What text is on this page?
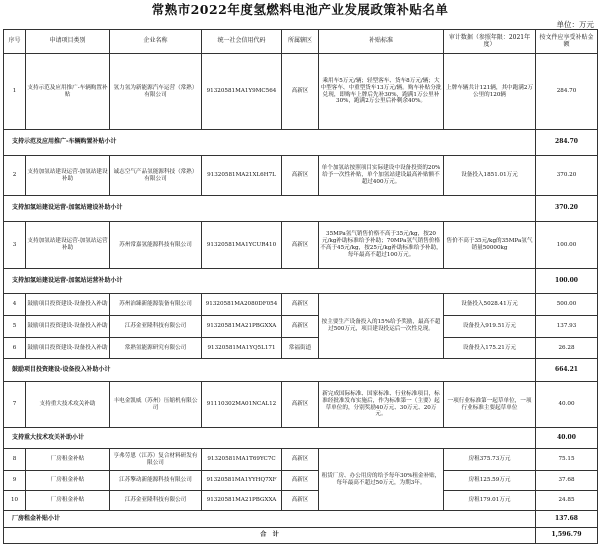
常熟市2022年度氢燃料电池产业发展政策补贴名单
单位：万元
序号	申请项目类别	企业名称	统一社会信用代码	所属辖区	补贴标准	审计数据（参照年限：2021年度）	按文件应享受补贴金额
1	支持示范及应用推广-车辆购置补贴	氢力氢为新能源汽车运营（常熟）有限公司	91320581MA1Y9MC564	高新区	乘用车5万元/辆；轻型客车、货车8万元/辆；大中型客车、中重型货车13万元/辆。购车补贴分批兑现，即购车上牌后先补30%，跑满1万公里补30%，跑满2万公里后补剩余40%。	上牌车辆共计121辆，其中跑满2万公里的120辆	284.70
支持示范及应用推广-车辆购置补贴小计							284.70
2	支持加氢站建设运营-加氢站建设补助	诚志空气产品氢能源科技（常熟）有限公司	91320581MA21XL6H7L	高新区	单个加氢站按照项目实际建设中设备投资的20%给予一次性补贴，单个加氢站建设最高补贴额不超过400万元。	设备投入1851.01万元	370.20
支持加氢站建设运营-加氢站建设补助小计							370.20
3	支持加氢站建设运营-加氢站运营补助	苏州常嘉氢能源科技有限公司	91320581MA1YCUR410	高新区	35MPa氢气销售价格不高于35元/kg，按20元/kg补助标准给予补助；70MPa氢气销售价格不高于45元/kg，按25元/kg补助标准给予补助，每年最高不超过100万元。	售价不高于35元/kg的35MPa氢气销量50000kg	100.00
支持加氢站建设运营-加氢站运营补助小计							100.00
4	鼓励项目投资建设-设备投入补助	苏州治臻新能源装备有限公司	91320581MA2080DF054	高新区	按主要生产设备投入的15%给予奖励，最高不超过500万元，项目建设投运后一次性兑现。	设备投入5028.41万元	500.00
5	鼓励项目投资建设-设备投入补助	江苏金亚隆科技有限公司	91320581MA21PBGXXA	高新区		设备投入919.51万元	137.93
6	鼓励项目投资建设-设备投入补助	常熟氢能源研究有限公司	91320581MA1YQ5L171	常福街道		设备投入175.21万元	26.28
鼓励项目投资建设-设备投入补助小计							664.21
7	支持重大技术攻关补助	丰电金凯威（苏州）压缩机有限公司	91110302MA01NCAL12	高新区	新完成国际标准、国家标准、行业标准项目，标准经批准发布实施后，作为标准第一（主要）起草单位的，分别奖励40万元、30万元、20万元。	一项行业标准第一起草单位，一项行业标准主要起草单位	40.00
支持重大技术攻关补助小计							40.00
8	厂房租金补贴	亨弗劳恩（江苏）复合材料研发有限公司	91320581MA1T69YC7C	高新区	租赁厂房、办公用房的给予每年30%租金补贴，每年最高不超过50万元，为期3年。	房租375.73万元	75.15
9	厂房租金补贴	江苏擎动新能源科技有限公司	91320581MA1YYHQ7XF	高新区		房租125.59万元	37.68
10	厂房租金补贴	江苏金亚隆科技有限公司	91320581MA21PBGXXA	高新区		房租179.01万元	24.85
厂房租金补贴小计							137.68
合　计							1,596.79
